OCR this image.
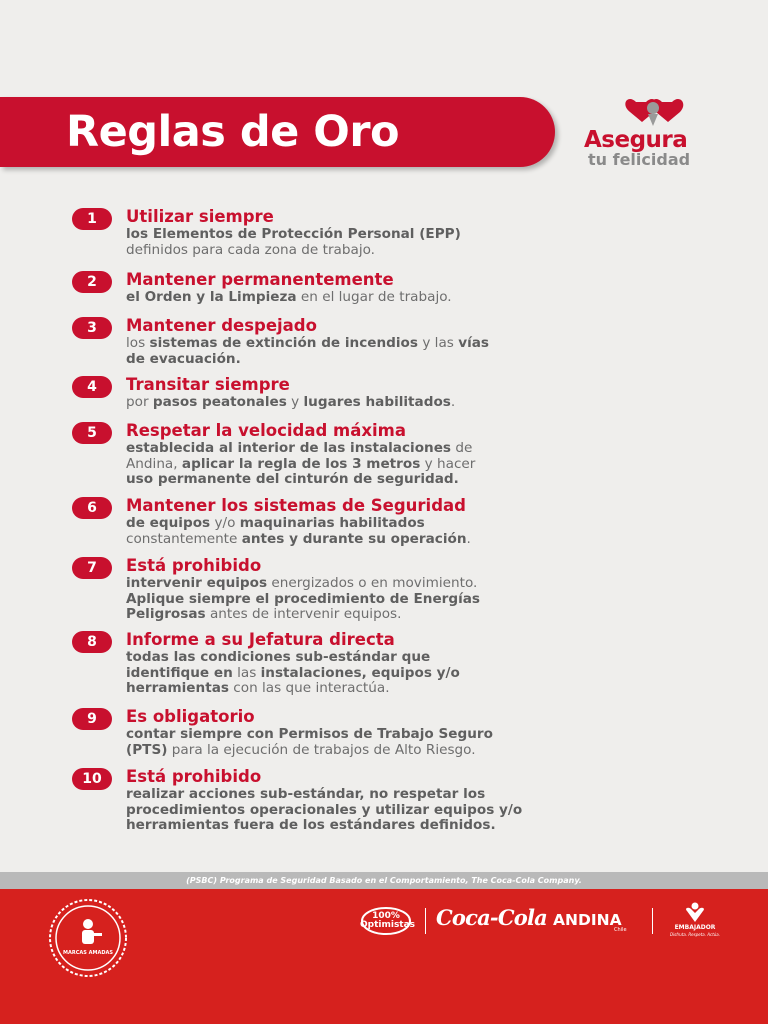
Reglas de Oro	Asegura
tu felicidad
1	Utilizar siempre
los Elementos de Protección Personal (EPP)
definidos para cada zona de trabajo.
2	Mantener permanentemente
el Orden y la Limpieza en el lugar de trabajo.
3	Mantener despejado
los sistemas de extinción de incendios y las vías
de evacuación.
4	Transitar siempre
por pasos peatonales y lugares habilitados.
5	Respetar la velocidad máxima
establecida al interior de las instalaciones de
Andina, aplicar la regla de los 3 metros y hacer
uso permanente del cinturón de seguridad.
6	Mantener los sistemas de Seguridad
de equipos y/o maquinarias habilitados
constantemente antes y durante su operación.
7	Está prohibido
intervenir equipos energizados o en movimiento.
Aplique siempre el procedimiento de Energías
Peligrosas antes de intervenir equipos.
8	Informe a su Jefatura directa
todas las condiciones sub-estándar que
identifique en las instalaciones, equipos y/o
herramientas con las que interactúa.
9	Es obligatorio
contar siempre con Permisos de Trabajo Seguro
(PTS) para la ejecución de trabajos de Alto Riesgo.
10	Está prohibido
realizar acciones sub-estándar, no respetar los
procedimientos operacionales y utilizar equipos y/o
herramientas fuera de los estándares definidos.
(PSBC) Programa de Seguridad Basado en el Comportamiento, The Coca-Cola Company.
MARCAS AMADAS
100% Optimistas Coca-Cola ANDINA
Chile	EMBAJADOR
Disfruta. Respeta. Actúa.
